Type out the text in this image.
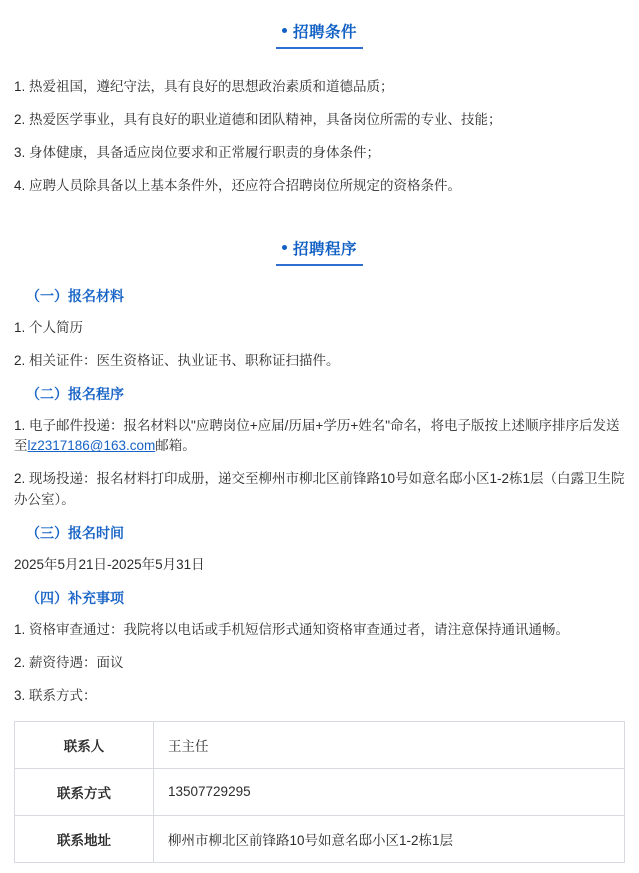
招聘条件

1. 热爱祖国，遵纪守法，具有良好的思想政治素质和道德品质；

2. 热爱医学事业，具有良好的职业道德和团队精神，具备岗位所需的专业、技能；

3. 身体健康，具备适应岗位要求和正常履行职责的身体条件；

4. 应聘人员除具备以上基本条件外，还应符合招聘岗位所规定的资格条件。

招聘程序
（一）报名材料

1. 个人简历

2. 相关证件：医生资格证、执业证书、职称证扫描件。

（二）报名程序

1. 电子邮件投递：报名材料以"应聘岗位+应届/历届+学历+姓名"命名，将电子版按上述顺序排序后发送至lz2317186@163.com邮箱。

2. 现场投递：报名材料打印成册，递交至柳州市柳北区前锋路10号如意名邸小区1-2栋1层（白露卫生院办公室）。

（三）报名时间

2025年5月21日-2025年5月31日

（四）补充事项

1. 资格审查通过：我院将以电话或手机短信形式通知资格审查通过者，请注意保持通讯通畅。

2. 薪资待遇：面议

3. 联系方式：

联系人	王主任
联系方式	13507729295
联系地址	柳州市柳北区前锋路10号如意名邸小区1-2栋1层
